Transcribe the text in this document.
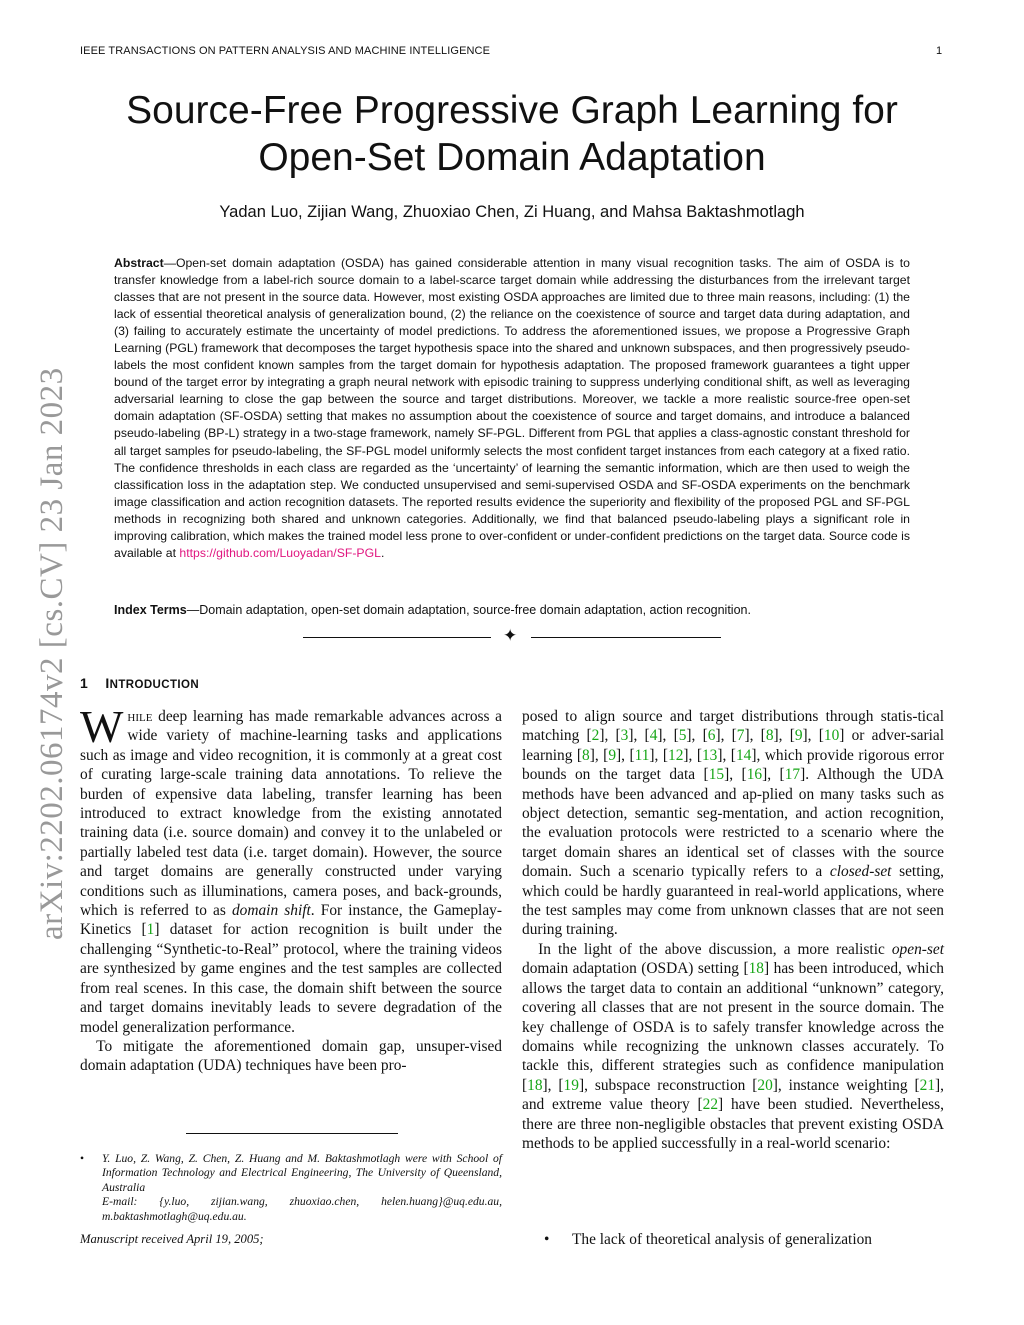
IEEE TRANSACTIONS ON PATTERN ANALYSIS AND MACHINE INTELLIGENCE	1
Source-Free Progressive Graph Learning for
Open-Set Domain Adaptation
Yadan Luo, Zijian Wang, Zhuoxiao Chen, Zi Huang, and Mahsa Baktashmotlagh
Abstract—Open-set domain adaptation (OSDA) has gained considerable attention in many visual recognition tasks. The aim of OSDA is to transfer knowledge from a label-rich source domain to a label-scarce target domain while addressing the disturbances from the irrelevant target classes that are not present in the source data. However, most existing OSDA approaches are limited due to three main reasons, including: (1) the lack of essential theoretical analysis of generalization bound, (2) the reliance on the coexistence of source and target data during adaptation, and (3) failing to accurately estimate the uncertainty of model predictions. To address the aforementioned issues, we propose a Progressive Graph Learning (PGL) framework that decomposes the target hypothesis space into the shared and unknown subspaces, and then progressively pseudo-labels the most confident known samples from the target domain for hypothesis adaptation. The proposed framework guarantees a tight upper bound of the target error by integrating a graph neural network with episodic training to suppress underlying conditional shift, as well as leveraging adversarial learning to close the gap between the source and target distributions. Moreover, we tackle a more realistic source-free open-set domain adaptation (SF-OSDA) setting that makes no assumption about the coexistence of source and target domains, and introduce a balanced pseudo-labeling (BP-L) strategy in a two-stage framework, namely SF-PGL. Different from PGL that applies a class-agnostic constant threshold for all target samples for pseudo-labeling, the SF-PGL model uniformly selects the most confident target instances from each category at a fixed ratio. The confidence thresholds in each class are regarded as the ‘uncertainty’ of learning the semantic information, which are then used to weigh the classification loss in the adaptation step. We conducted unsupervised and semi-supervised OSDA and SF-OSDA experiments on the benchmark image classification and action recognition datasets. The reported results evidence the superiority and flexibility of the proposed PGL and SF-PGL methods in recognizing both shared and unknown categories. Additionally, we find that balanced pseudo-labeling plays a significant role in improving calibration, which makes the trained model less prone to over-confident or under-confident predictions on the target data. Source code is available at https://github.com/Luoyadan/SF-PGL.
Index Terms—Domain adaptation, open-set domain adaptation, source-free domain adaptation, action recognition.
✦
arXiv:2202.06174v2 [cs.CV] 23 Jan 2023 1 INTRODUCTION

While deep learning has made remarkable advances across a wide variety of machine-learning tasks and applications such as image and video recognition, it is commonly at a great cost of curating large-scale training data annotations. To relieve the burden of expensive data labeling, transfer learning has been introduced to extract knowledge from the existing annotated training data (i.e. source domain) and convey it to the unlabeled or partially labeled test data (i.e. target domain). However, the source and target domains are generally constructed under varying conditions such as illuminations, camera poses, and back-grounds, which is referred to as domain shift. For instance, the Gameplay-Kinetics [1] dataset for action recognition is built under the challenging “Synthetic-to-Real” protocol, where the training videos are synthesized by game engines and the test samples are collected from real scenes. In this case, the domain shift between the source and target domains inevitably leads to severe degradation of the model generalization performance.

To mitigate the aforementioned domain gap, unsuper-vised domain adaptation (UDA) techniques have been pro-

• Y. Luo, Z. Wang, Z. Chen, Z. Huang and M. Baktashmotlagh were with School of Information Technology and Electrical Engineering, The University of Queensland, Australia
E-mail: {y.luo, zijian.wang, zhuoxiao.chen, helen.huang}@uq.edu.au, m.baktashmotlagh@uq.edu.au.
Manuscript received April 19, 2005;

posed to align source and target distributions through statis-tical matching [2], [3], [4], [5], [6], [7], [8], [9], [10] or adver-sarial learning [8], [9], [11], [12], [13], [14], which provide rigorous error bounds on the target data [15], [16], [17]. Although the UDA methods have been advanced and ap-plied on many tasks such as object detection, semantic seg-mentation, and action recognition, the evaluation protocols were restricted to a scenario where the target domain shares an identical set of classes with the source domain. Such a scenario typically refers to a closed-set setting, which could be hardly guaranteed in real-world applications, where the test samples may come from unknown classes that are not seen during training.

In the light of the above discussion, a more realistic open-set domain adaptation (OSDA) setting [18] has been introduced, which allows the target data to contain an additional “unknown” category, covering all classes that are not present in the source domain. The key challenge of OSDA is to safely transfer knowledge across the domains while recognizing the unknown classes accurately. To tackle this, different strategies such as confidence manipulation [18], [19], subspace reconstruction [20], instance weighting [21], and extreme value theory [22] have been studied. Nevertheless, there are three non-negligible obstacles that prevent existing OSDA methods to be applied successfully in a real-world scenario:

• The lack of theoretical analysis of generalization
